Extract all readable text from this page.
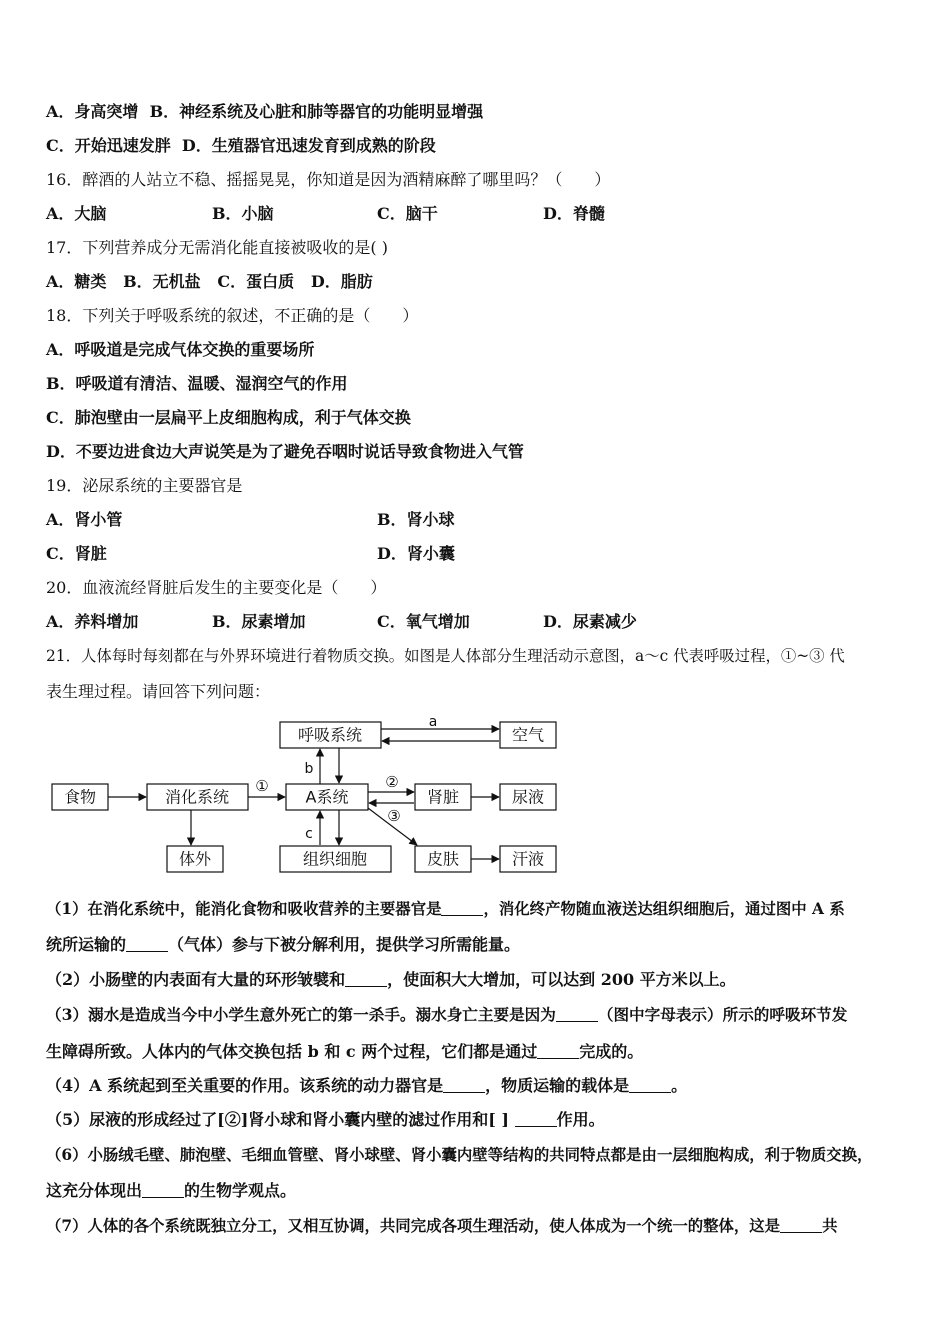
A．身高突增 B．神经系统及心脏和肺等器官的功能明显增强
C．开始迅速发胖 D．生殖器官迅速发育到成熟的阶段
16．醉酒的人站立不稳、摇摇晃晃，你知道是因为酒精麻醉了哪里吗？（　　）
A．大脑	B．小脑	C．脑干	D．脊髓
17．下列营养成分无需消化能直接被吸收的是( )
A．糖类 B．无机盐 C．蛋白质 D．脂肪
18．下列关于呼吸系统的叙述，不正确的是（　　）
A．呼吸道是完成气体交换的重要场所
B．呼吸道有清洁、温暖、湿润空气的作用
C．肺泡壁由一层扁平上皮细胞构成，利于气体交换
D．不要边进食边大声说笑是为了避免吞咽时说话导致食物进入气管
19．泌尿系统的主要器官是
A．肾小管	B．肾小球
C．肾脏	D．肾小囊
20．血液流经肾脏后发生的主要变化是（　　）
A．养料增加	B．尿素增加	C．氧气增加	D．尿素减少
21．人体每时每刻都在与外界环境进行着物质交换。如图是人体部分生理活动示意图，a～c 代表呼吸过程，①~③ 代
表生理过程。请回答下列问题：
食物	消化系统	A系统	肾脏	尿液
呼吸系统	空气
体外	组织细胞	皮肤	汗液
a
b
c
①	②
③
（1）在消化系统中，能消化食物和吸收营养的主要器官是	，消化终产物随血液送达组织细胞后，通过图中 A 系
统所运输的	（气体）参与下被分解利用，提供学习所需能量。
（2）小肠壁的内表面有大量的环形皱襞和	，使面积大大增加，可以达到 200 平方米以上。
（3）溺水是造成当今中小学生意外死亡的第一杀手。溺水身亡主要是因为	（图中字母表示）所示的呼吸环节发
生障碍所致。人体内的气体交换包括 b 和 c 两个过程，它们都是通过	完成的。
（4）A 系统起到至关重要的作用。该系统的动力器官是	，物质运输的载体是	。
（5）尿液的形成经过了[②]肾小球和肾小囊内壁的滤过作用和[ ]	作用。
（6）小肠绒毛壁、肺泡壁、毛细血管壁、肾小球壁、肾小囊内壁等结构的共同特点都是由一层细胞构成，利于物质交换，
这充分体现出	的生物学观点。
（7）人体的各个系统既独立分工，又相互协调，共同完成各项生理活动，使人体成为一个统一的整体，这是	共
